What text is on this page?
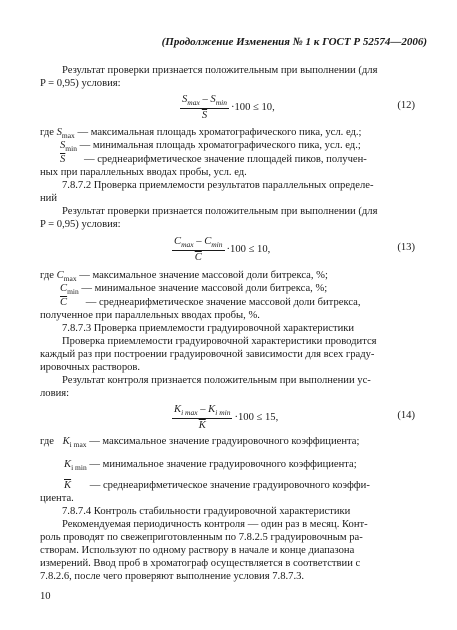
(Продолжение Изменения № 1 к ГОСТ Р 52574—2006)
Результат проверки признается положительным при выполнении (для
P = 0,95) условия:
$\frac{S_{max} - S_{min}}{S} \cdot 100 \le 10$,	(12)
где $S_{max}$ — максимальная площадь хроматографического пика, усл. ед.;
$S_{min}$ — минимальная площадь хроматографического пика, усл. ед.;
$\overline{S}$ — среднеарифметическое значение площадей пиков, получен-
ных при параллельных вводах пробы, усл. ед.
7.8.7.2 Проверка приемлемости результатов параллельных определе-
ний
Результат проверки признается положительным при выполнении (для
P = 0,95) условия:
$\frac{C_{max} - C_{min}}{C} \cdot 100 \le 10$,	(13)
где $C_{max}$ — максимальное значение массовой доли битрекса, %;
$C_{min}$ — минимальное значение массовой доли битрекса, %;
$\overline{C}$ — среднеарифметическое значение массовой доли битрекса,
полученное при параллельных вводах пробы, %.
7.8.7.3 Проверка приемлемости градуировочной характеристики
Проверка приемлемости градуировочной характеристики проводится
каждый раз при построении градуировочной зависимости для всех граду-
ировочных растворов.
Результат контроля признается положительным при выполнении ус-
ловия:
$\frac{K_{i max} - K_{i min}}{K} \cdot 100 \le 15$,	(14)
где $K_{i max}$ — максимальное значение градуировочного коэффициента;
$K_{i min}$ — минимальное значение градуировочного коэффициента;
$\overline{K}$ — среднеарифметическое значение градуировочного коэффи-
циента.
7.8.7.4 Контроль стабильности градуировочной характеристики
Рекомендуемая периодичность контроля — один раз в месяц. Конт-
роль проводят по свежеприготовленным по 7.8.2.5 градуировочным ра-
створам. Используют по одному раствору в начале и конце диапазона
измерений. Ввод проб в хроматограф осуществляется в соответствии с
7.8.2.6, после чего проверяют выполнение условия 7.8.7.3.
10
